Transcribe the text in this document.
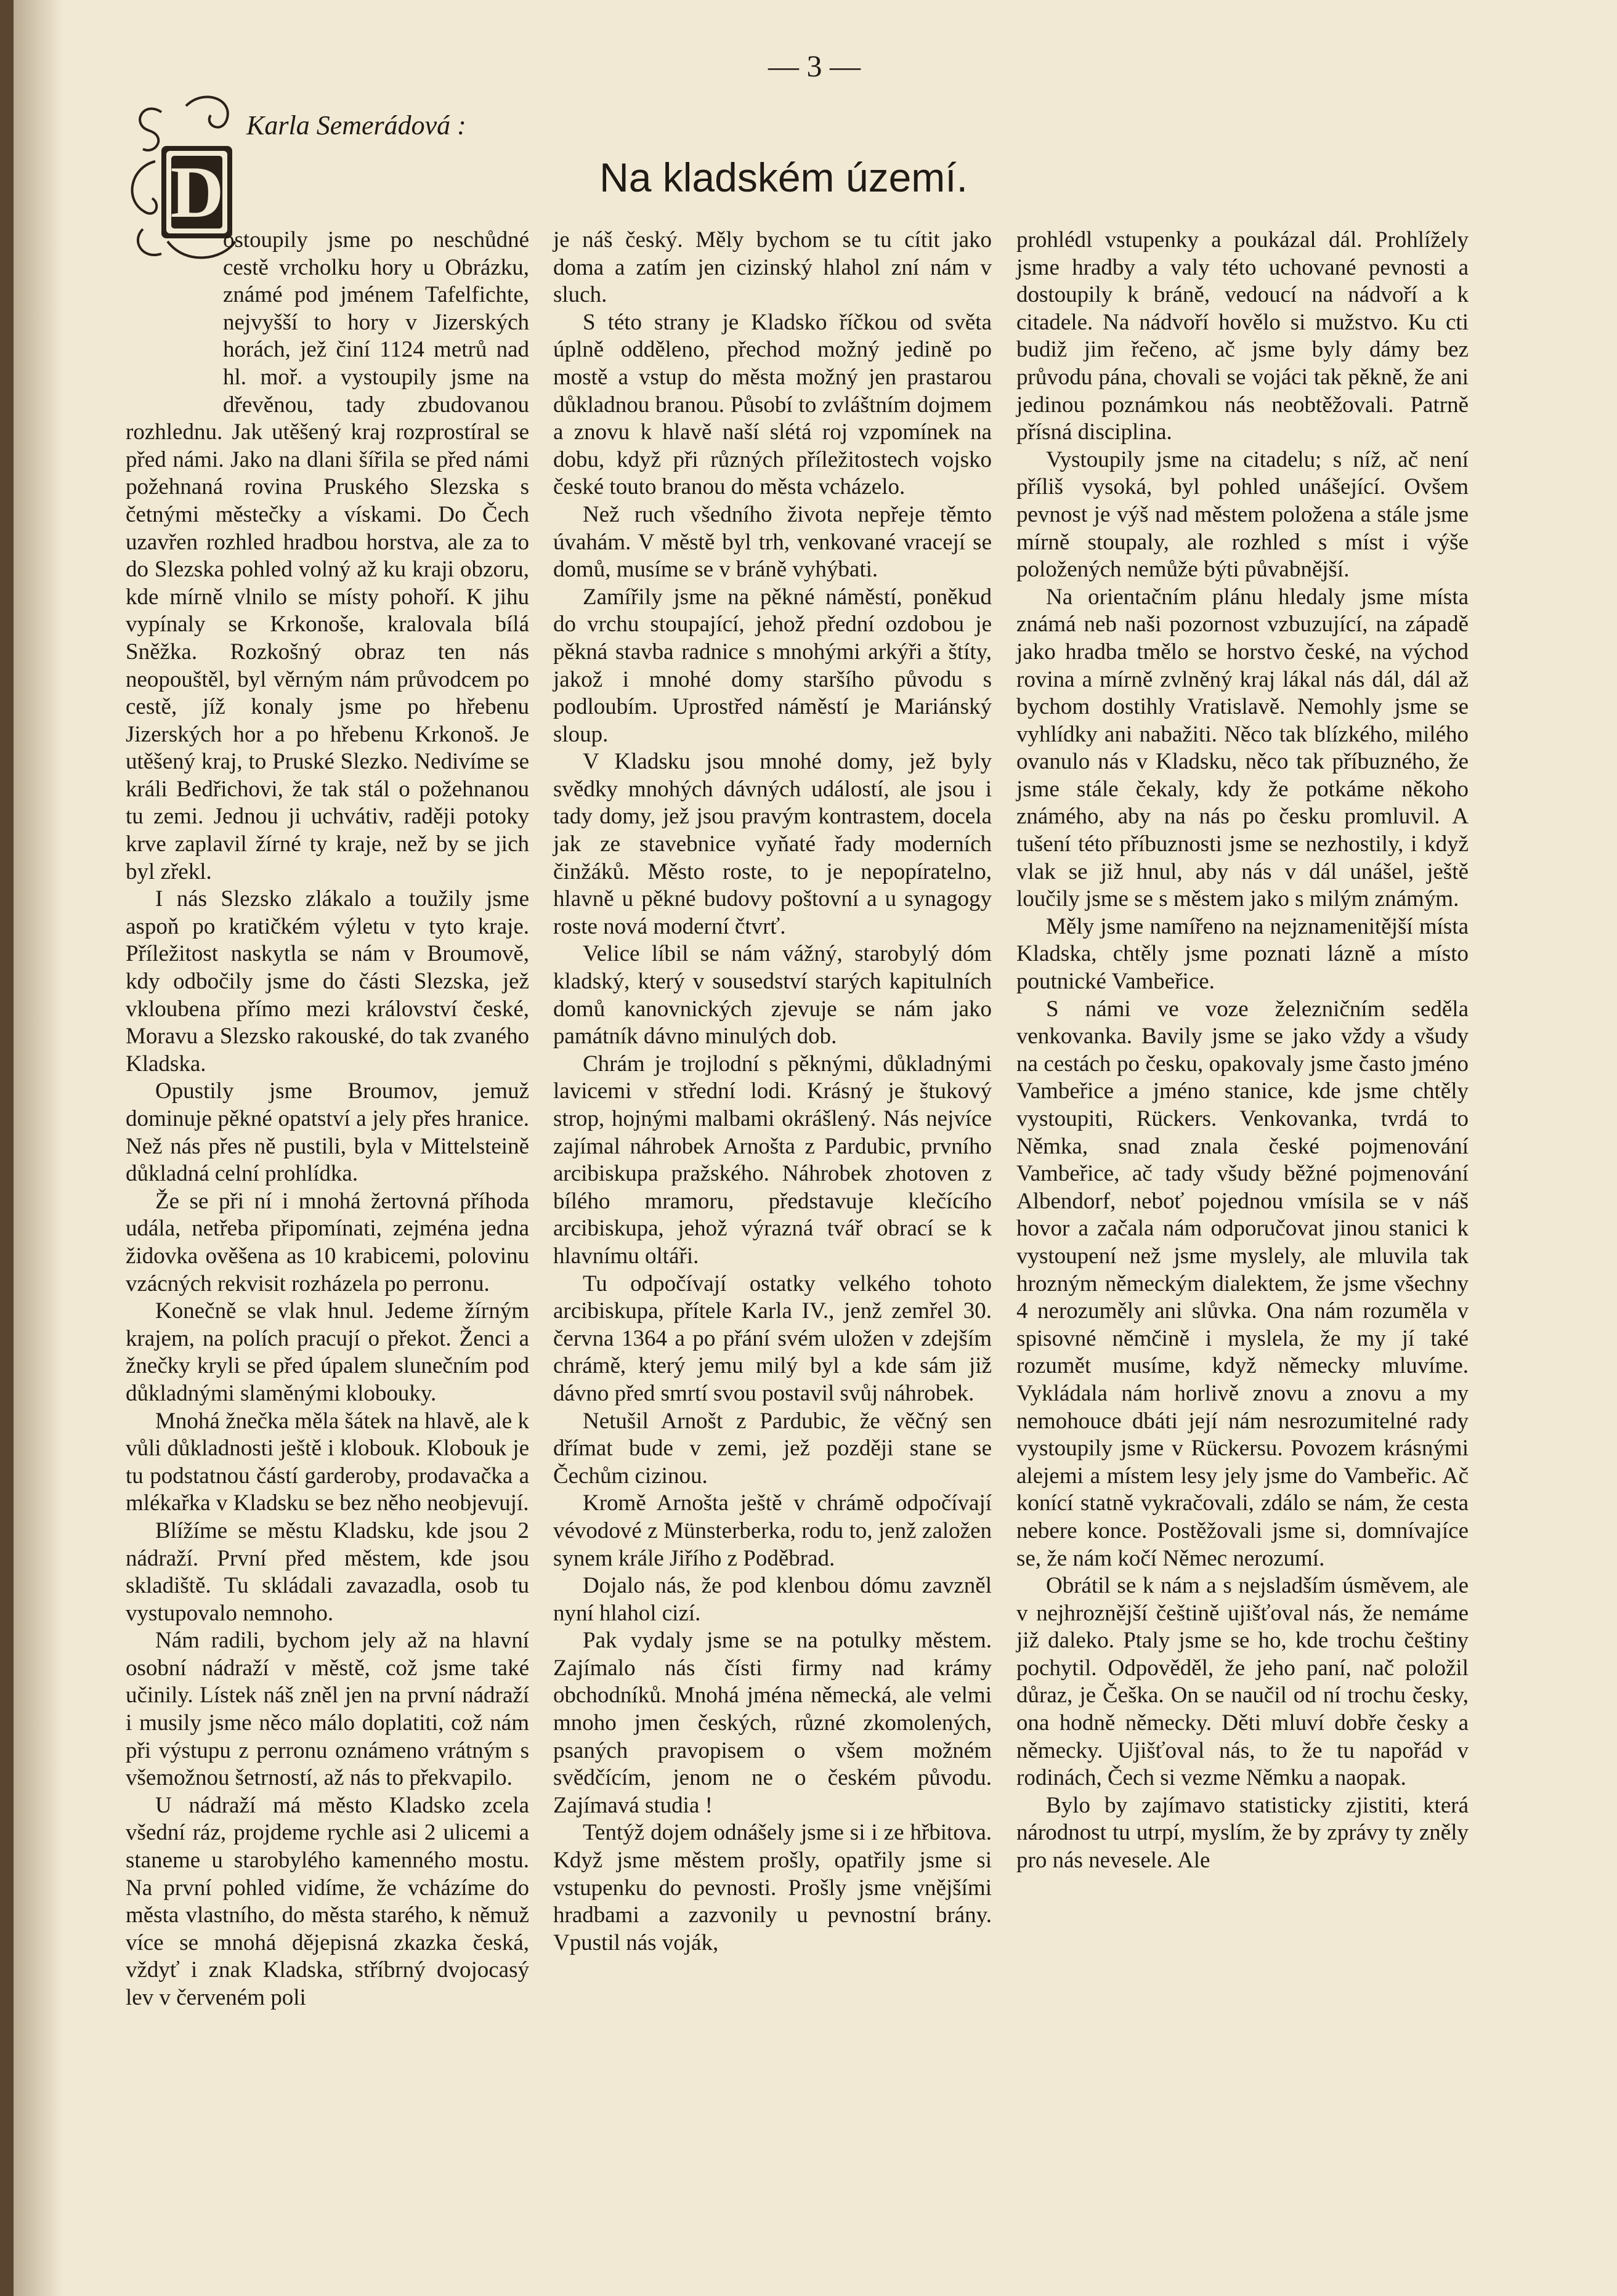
— 3 —
D
Karla Semerádová :
Na kladském území.

ostoupily jsme po neschůdné cestě vrcholku hory u Obrázku, známé pod jménem Tafelfichte, nejvyšší to hory v Jizerských horách, jež činí 1124 metrů nad hl. moř. a vystoupily jsme na dřevěnou, tady zbudovanou rozhlednu. Jak utěšený kraj rozprostíral se před námi. Jako na dlani šířila se před námi požehnaná rovina Pruského Slezska s četnými městečky a vískami. Do Čech uzavřen rozhled hradbou horstva, ale za to do Slezska pohled volný až ku kraji obzoru, kde mírně vlnilo se místy pohoří. K jihu vypínaly se Krkonoše, kralovala bílá Sněžka. Rozkošný obraz ten nás neopouštěl, byl věrným nám průvodcem po cestě, jíž konaly jsme po hřebenu Jizerských hor a po hřebenu Krkonoš. Je utěšený kraj, to Pruské Slezko. Nedivíme se králi Bedřichovi, že tak stál o požehnanou tu zemi. Jednou ji uchvátiv, raději potoky krve zaplavil žírné ty kraje, než by se jich byl zřekl.

I nás Slezsko zlákalo a toužily jsme aspoň po kratičkém výletu v tyto kraje. Příležitost naskytla se nám v Broumově, kdy odbočily jsme do části Slezska, jež vkloubena přímo mezi království české, Moravu a Slezsko rakouské, do tak zvaného Kladska.

Opustily jsme Broumov, jemuž dominuje pěkné opatství a jely přes hranice. Než nás přes ně pustili, byla v Mittelsteině důkladná celní prohlídka.

Že se při ní i mnohá žertovná příhoda udála, netřeba připomínati, zejména jedna židovka ověšena as 10 krabicemi, polovinu vzácných rekvisit rozházela po perronu.

Konečně se vlak hnul. Jedeme žírným krajem, na polích pracují o překot. Ženci a žnečky kryli se před úpalem slunečním pod důkladnými slaměnými klobouky.

Mnohá žnečka měla šátek na hlavě, ale k vůli důkladnosti ještě i klobouk. Klobouk je tu podstatnou částí garderoby, prodavačka a mlékařka v Kladsku se bez něho neobjevují.

Blížíme se městu Kladsku, kde jsou 2 nádraží. První před městem, kde jsou skladiště. Tu skládali zavazadla, osob tu vystupovalo nemnoho.

Nám radili, bychom jely až na hlavní osobní nádraží v městě, což jsme také učinily. Lístek náš zněl jen na první nádraží i musily jsme něco málo doplatiti, což nám při výstupu z perronu oznámeno vrátným s všemožnou šetrností, až nás to překvapilo.

U nádraží má město Kladsko zcela všední ráz, projdeme rychle asi 2 ulicemi a staneme u starobylého kamenného mostu. Na první pohled vidíme, že vcházíme do města vlastního, do města starého, k němuž více se mnohá dějepisná zkazka česká, vždyť i znak Kladska, stříbrný dvojocasý lev v červeném poli

je náš český. Měly bychom se tu cítit jako doma a zatím jen cizinský hlahol zní nám v sluch.

S této strany je Kladsko říčkou od světa úplně odděleno, přechod možný jedině po mostě a vstup do města možný jen prastarou důkladnou branou. Působí to zvláštním dojmem a znovu k hlavě naší slétá roj vzpomínek na dobu, když při různých příležitostech vojsko české touto branou do města vcházelo.

Než ruch všedního života nepřeje těmto úvahám. V městě byl trh, venkované vracejí se domů, musíme se v bráně vyhýbati.

Zamířily jsme na pěkné náměstí, poněkud do vrchu stoupající, jehož přední ozdobou je pěkná stavba radnice s mnohými arkýři a štíty, jakož i mnohé domy staršího původu s podloubím. Uprostřed náměstí je Mariánský sloup.

V Kladsku jsou mnohé domy, jež byly svědky mnohých dávných událostí, ale jsou i tady domy, jež jsou pravým kontrastem, docela jak ze stavebnice vyňaté řady moderních činžáků. Město roste, to je nepopíratelno, hlavně u pěkné budovy poštovní a u synagogy roste nová moderní čtvrť.

Velice líbil se nám vážný, starobylý dóm kladský, který v sousedství starých kapitulních domů kanovnických zjevuje se nám jako památník dávno minulých dob.

Chrám je trojlodní s pěknými, důkladnými lavicemi v střední lodi. Krásný je štukový strop, hojnými malbami okrášlený. Nás nejvíce zajímal náhrobek Arnošta z Pardubic, prvního arcibiskupa pražského. Náhrobek zhotoven z bílého mramoru, představuje klečícího arcibiskupa, jehož výrazná tvář obrací se k hlavnímu oltáři.

Tu odpočívají ostatky velkého tohoto arcibiskupa, přítele Karla IV., jenž zemřel 30. června 1364 a po přání svém uložen v zdejším chrámě, který jemu milý byl a kde sám již dávno před smrtí svou postavil svůj náhrobek.

Netušil Arnošt z Pardubic, že věčný sen dřímat bude v zemi, jež později stane se Čechům cizinou.

Kromě Arnošta ještě v chrámě odpočívají vévodové z Münsterberka, rodu to, jenž založen synem krále Jiřího z Poděbrad.

Dojalo nás, že pod klenbou dómu zavzněl nyní hlahol cizí.

Pak vydaly jsme se na potulky městem. Zajímalo nás čísti firmy nad krámy obchodníků. Mnohá jména německá, ale velmi mnoho jmen českých, různé zkomolených, psaných pravopisem o všem možném svědčícím, jenom ne o českém původu. Zajímavá studia !

Tentýž dojem odnášely jsme si i ze hřbitova. Když jsme městem prošly, opatřily jsme si vstupenku do pevnosti. Prošly jsme vnějšími hradbami a zazvonily u pevnostní brány. Vpustil nás voják,

prohlédl vstupenky a poukázal dál. Prohlížely jsme hradby a valy této uchované pevnosti a dostoupily k bráně, vedoucí na nádvoří a k citadele. Na nádvoří hovělo si mužstvo. Ku cti budiž jim řečeno, ač jsme byly dámy bez průvodu pána, chovali se vojáci tak pěkně, že ani jedinou poznámkou nás neobtěžovali. Patrně přísná disciplina.

Vystoupily jsme na citadelu; s níž, ač není příliš vysoká, byl pohled unášející. Ovšem pevnost je výš nad městem položena a stále jsme mírně stoupaly, ale rozhled s míst i výše položených nemůže býti půvabnější.

Na orientačním plánu hledaly jsme místa známá neb naši pozornost vzbuzující, na západě jako hradba tmělo se horstvo české, na východ rovina a mírně zvlněný kraj lákal nás dál, dál až bychom dostihly Vratislavě. Nemohly jsme se vyhlídky ani nabažiti. Něco tak blízkého, milého ovanulo nás v Kladsku, něco tak příbuzného, že jsme stále čekaly, kdy že potkáme někoho známého, aby na nás po česku promluvil. A tušení této příbuznosti jsme se nezhostily, i když vlak se již hnul, aby nás v dál unášel, ještě loučily jsme se s městem jako s milým známým.

Měly jsme namířeno na nejznamenitější místa Kladska, chtěly jsme poznati lázně a místo poutnické Vambeřice.

S námi ve voze železničním seděla venkovanka. Bavily jsme se jako vždy a všudy na cestách po česku, opakovaly jsme často jméno Vambeřice a jméno stanice, kde jsme chtěly vystoupiti, Rückers. Venkovanka, tvrdá to Němka, snad znala české pojmenování Vambeřice, ač tady všudy běžné pojmenování Albendorf, neboť pojednou vmísila se v náš hovor a začala nám odporučovat jinou stanici k vystoupení než jsme myslely, ale mluvila tak hrozným německým dialektem, že jsme všechny 4 nerozuměly ani slůvka. Ona nám rozuměla v spisovné němčině i myslela, že my jí také rozumět musíme, když německy mluvíme. Vykládala nám horlivě znovu a znovu a my nemohouce dbáti její nám nesrozumitelné rady vystoupily jsme v Rückersu. Povozem krásnými alejemi a místem lesy jely jsme do Vambeřic. Ač konící statně vykračovali, zdálo se nám, že cesta nebere konce. Postěžovali jsme si, domnívajíce se, že nám kočí Němec nerozumí.

Obrátil se k nám a s nejsladším úsměvem, ale v nejhroznější češtině ujišťoval nás, že nemáme již daleko. Ptaly jsme se ho, kde trochu češtiny pochytil. Odpověděl, že jeho paní, nač položil důraz, je Češka. On se naučil od ní trochu česky, ona hodně německy. Děti mluví dobře česky a německy. Ujišťoval nás, to že tu napořád v rodinách, Čech si vezme Němku a naopak.

Bylo by zajímavo statisticky zjistiti, která národnost tu utrpí, myslím, že by zprávy ty zněly pro nás nevesele. Ale
